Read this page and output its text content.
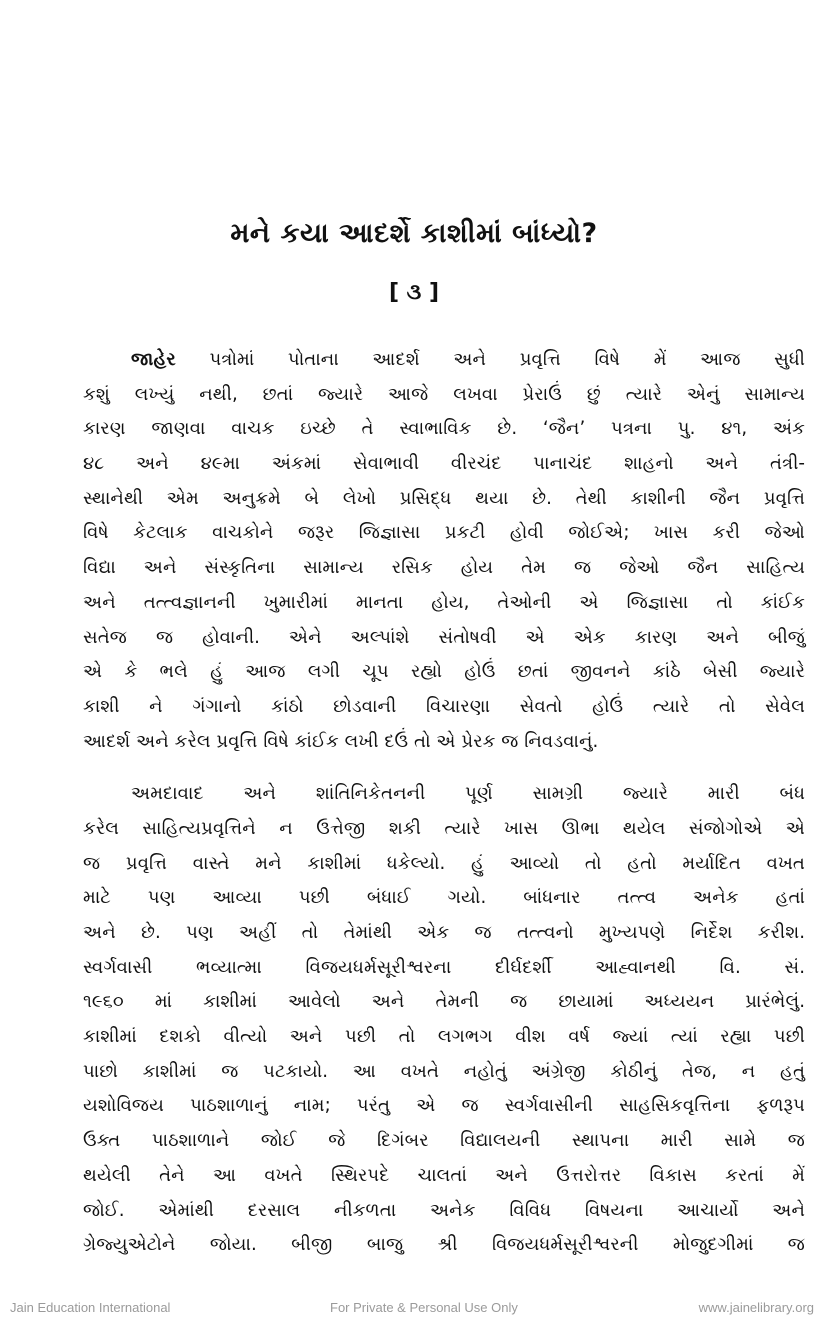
મને કયા આદર્શે કાશીમાં બાંધ્યો?
[ ૩ ]
જાહેર પત્રોમાં પોતાના આદર્શ અને પ્રવૃત્તિ વિષે મેં આજ સુધી
કશું લખ્યું નથી, છતાં જ્યારે આજે લખવા પ્રેરાઉં છું ત્યારે એનું સામાન્ય
કારણ જાણવા વાચક ઇચ્છે તે સ્વાભાવિક છે. ‘જૈન’ પત્રના પુ. ૪૧, અંક
૪૮ અને ૪૯મા અંકમાં સેવાભાવી વીરચંદ પાનાચંદ શાહનો અને તંત્રી-
સ્થાનેથી એમ અનુક્રમે બે લેખો પ્રસિદ્ધ થયા છે. તેથી કાશીની જૈન પ્રવૃત્તિ
વિષે કેટલાક વાચકોને જરૂર જિજ્ઞાસા પ્રકટી હોવી જોઈએ; ખાસ કરી જેઓ
વિદ્યા અને સંસ્કૃતિના સામાન્ય રસિક હોય તેમ જ જેઓ જૈન સાહિત્ય
અને તત્ત્વજ્ઞાનની ખુમારીમાં માનતા હોય, તેઓની એ જિજ્ઞાસા તો કાંઈક
સતેજ જ હોવાની. એને અલ્પાંશે સંતોષવી એ એક કારણ અને બીજું
એ કે ભલે હું આજ લગી ચૂપ રહ્યો હોઉં છતાં જીવનને કાંઠે બેસી જ્યારે
કાશી ને ગંગાનો કાંઠો છોડવાની વિચારણા સેવતો હોઉં ત્યારે તો સેવેલ
આદર્શ અને કરેલ પ્રવૃત્તિ વિષે કાંઈક લખી દઉં તો એ પ્રેરક જ નિવડવાનું.
અમદાવાદ અને શાંતિનિકેતનની પૂર્ણ સામગ્રી જ્યારે મારી બંધ
કરેલ સાહિત્યપ્રવૃત્તિને ન ઉત્તેજી શકી ત્યારે ખાસ ઊભા થયેલ સંજોગોએ એ
જ પ્રવૃત્તિ વાસ્તે મને કાશીમાં ધકેલ્યો. હું આવ્યો તો હતો મર્યાદિત વખત
માટે પણ આવ્યા પછી બંધાઈ ગયો. બાંધનાર તત્ત્વ અનેક હતાં
અને છે. પણ અહીં તો તેમાંથી એક જ તત્ત્વનો મુખ્યપણે નિર્દેશ કરીશ.
સ્વર્ગવાસી ભવ્યાત્મા વિજયધર્મસૂરીશ્વરના દીર્ઘદર્શી આહ્વાનથી વિ. સં.
૧૯૬૦ માં કાશીમાં આવેલો અને તેમની જ છાયામાં અધ્યયન પ્રારંભેલું.
કાશીમાં દશકો વીત્યો અને પછી તો લગભગ વીશ વર્ષ જ્યાં ત્યાં રહ્યા પછી
પાછો કાશીમાં જ પટકાયો. આ વખતે નહોતું અંગ્રેજી કોઠીનું તેજ, ન હતું
યશોવિજય પાઠશાળાનું નામ; પરંતુ એ જ સ્વર્ગવાસીની સાહસિકવૃત્તિના ફળરૂપ
ઉક્ત પાઠશાળાને જોઈ જે દિગંબર વિદ્યાલયની સ્થાપના મારી સામે જ
થયેલી તેને આ વખતે સ્થિરપદે ચાલતાં અને ઉત્તરોત્તર વિકાસ કરતાં મેં
જોઈ. એમાંથી દરસાલ નીકળતા અનેક વિવિધ વિષયના આચાર્યો અને
ગ્રેજ્યુએટોને જોયા. બીજી બાજુ શ્રી વિજયધર્મસૂરીશ્વરની મોજુદગીમાં જ
Jain Education International	For Private & Personal Use Only	www.jainelibrary.org
